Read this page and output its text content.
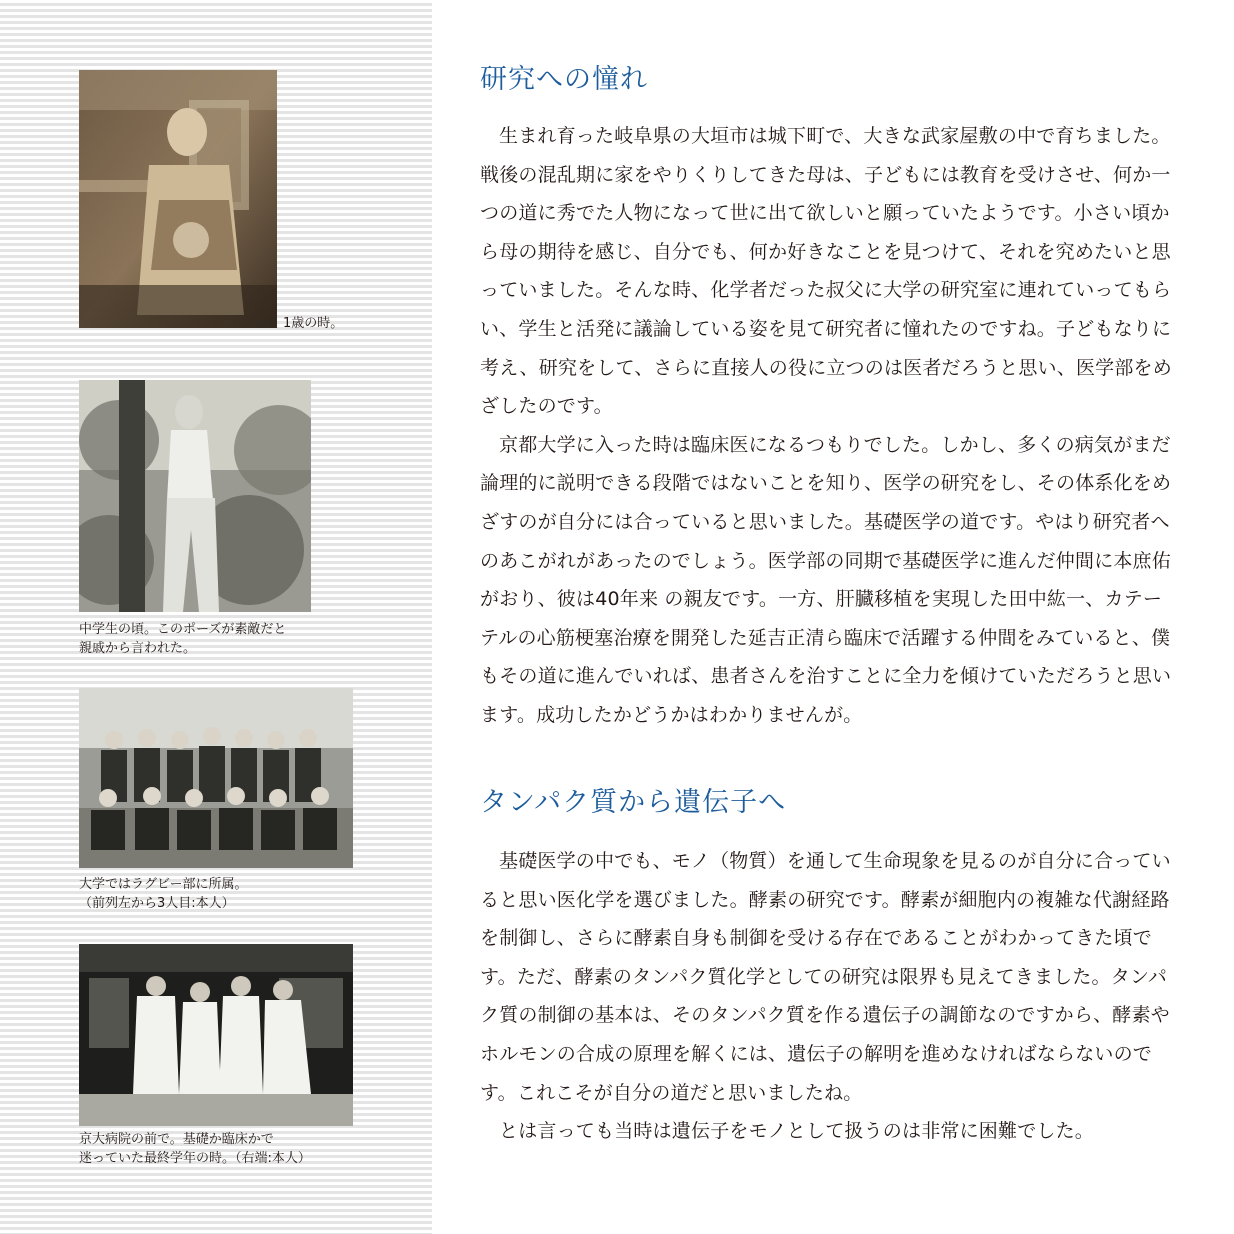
1歳の時。
中学生の頃。このポーズが素敵だと
親戚から言われた。
大学ではラグビー部に所属。
（前列左から3人目:本人）
京大病院の前で。基礎か臨床かで
迷っていた最終学年の時。（右端:本人）
研究への憧れ

生まれ育った岐阜県の大垣市は城下町で、大きな武家屋敷の中で育ちました。戦後の混乱期に家をやりくりしてきた母は、子どもには教育を受けさせ、何か一つの道に秀でた人物になって世に出て欲しいと願っていたようです。小さい頃から母の期待を感じ、自分でも、何か好きなことを見つけて、それを究めたいと思っていました。そんな時、化学者だった叔父に大学の研究室に連れていってもらい、学生と活発に議論している姿を見て研究者に憧れたのですね。子どもなりに考え、研究をして、さらに直接人の役に立つのは医者だろうと思い、医学部をめざしたのです。

京都大学に入った時は臨床医になるつもりでした。しかし、多くの病気がまだ論理的に説明できる段階ではないことを知り、医学の研究をし、その体系化をめざすのが自分には合っていると思いました。基礎医学の道です。やはり研究者へのあこがれがあったのでしょう。医学部の同期で基礎医学に進んだ仲間に本庶佑がおり、彼は40年来 の親友です。一方、肝臓移植を実現した田中紘一、カテーテルの心筋梗塞治療を開発した延吉正清ら臨床で活躍する仲間をみていると、僕もその道に進んでいれば、患者さんを治すことに全力を傾けていただろうと思います。成功したかどうかはわかりませんが。

タンパク質から遺伝子へ

基礎医学の中でも、モノ（物質）を通して生命現象を見るのが自分に合っていると思い医化学を選びました。酵素の研究です。酵素が細胞内の複雑な代謝経路を制御し、さらに酵素自身も制御を受ける存在であることがわかってきた頃です。ただ、酵素のタンパク質化学としての研究は限界も見えてきました。タンパク質の制御の基本は、そのタンパク質を作る遺伝子の調節なのですから、酵素やホルモンの合成の原理を解くには、遺伝子の解明を進めなければならないのです。これこそが自分の道だと思いましたね。

とは言っても当時は遺伝子をモノとして扱うのは非常に困難でした。
